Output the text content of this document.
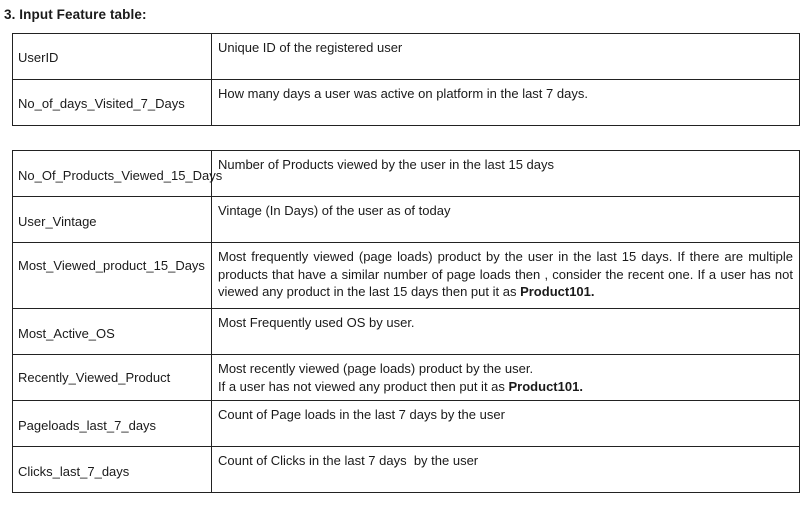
3. Input Feature table:
UserID	Unique ID of the registered user

No_of_days_Visited_7_Days	How many days a user was active on platform in the last 7 days.
No_Of_Products_Viewed_15_Days	Number of Products viewed by the user in the last 15 days

User_Vintage	Vintage (In Days) of the user as of today

Most_Viewed_product_15_Days	Most frequently viewed (page loads) product by the user in the last 15 days. If there are multiple products that have a similar number of page loads then , consider the recent one. If a user has not viewed any product in the last 15 days then put it as Product101.

Most_Active_OS	Most Frequently used OS by user.

Recently_Viewed_Product	Most recently viewed (page loads) product by the user.
If a user has not viewed any product then put it as Product101.

Pageloads_last_7_days	Count of Page loads in the last 7 days by the user

Clicks_last_7_days	Count of Clicks in the last 7 days  by the user
